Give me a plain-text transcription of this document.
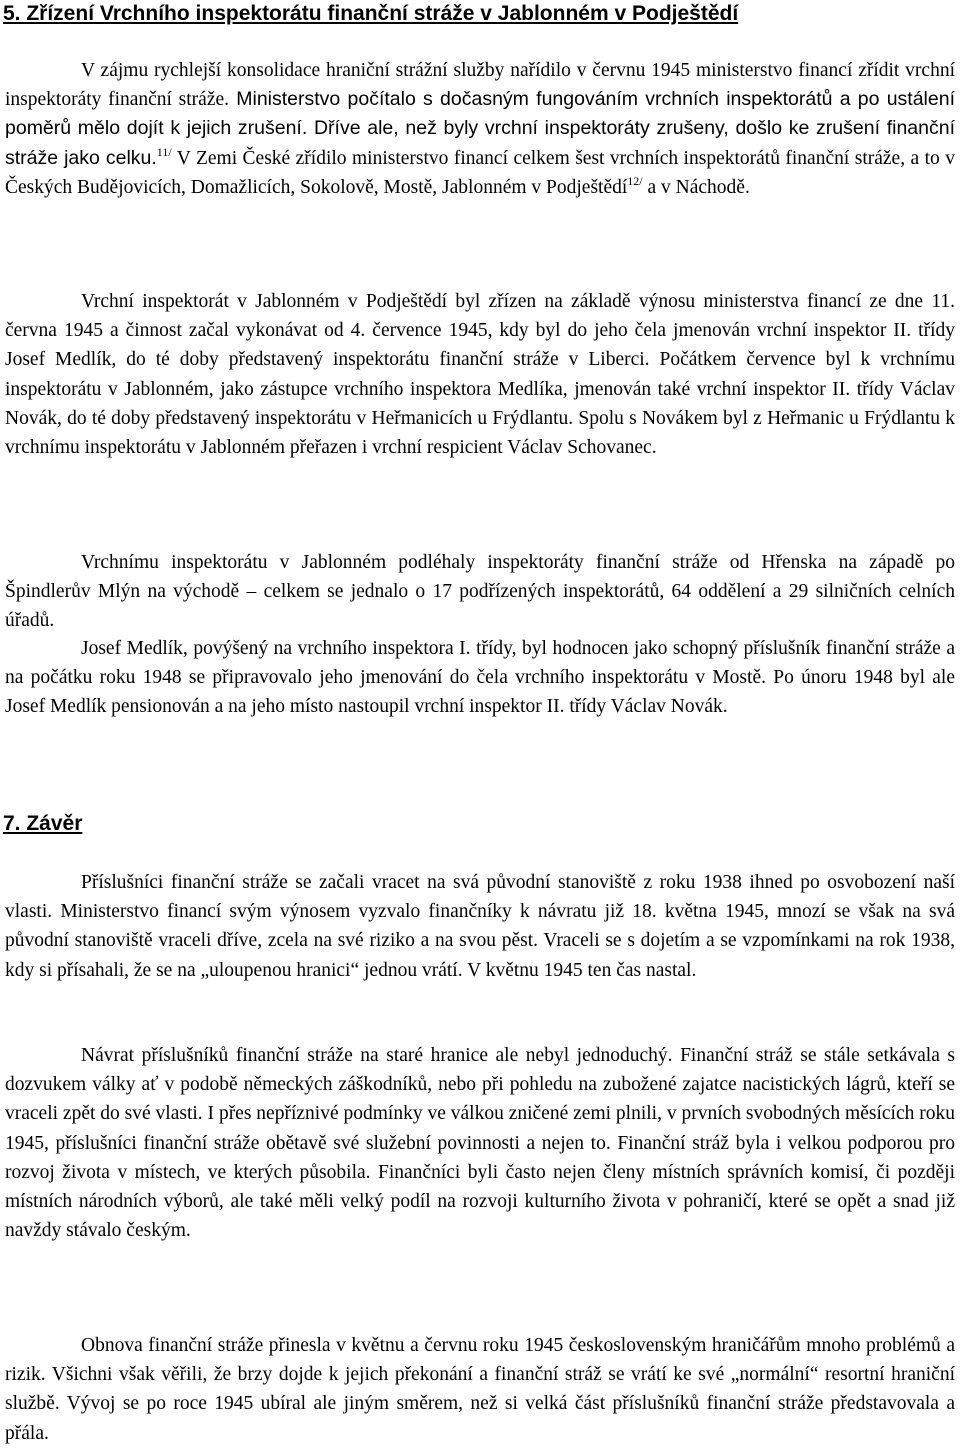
5. Zřízení Vrchního inspektorátu finanční stráže v Jablonném v Podještědí

V zájmu rychlejší konsolidace hraniční strážní služby nařídilo v červnu 1945 ministerstvo financí zřídit vrchní inspektoráty finanční stráže. Ministerstvo počítalo s dočasným fungováním vrchních inspektorátů a po ustálení poměrů mělo dojít k jejich zrušení. Dříve ale, než byly vrchní inspektoráty zrušeny, došlo ke zrušení finanční stráže jako celku.$^{11/}$ V Zemi České zřídilo ministerstvo financí celkem šest vrchních inspektorátů finanční stráže, a to v Českých Budějovicích, Domažlicích, Sokolově, Mostě, Jablonném v Podještědí$^{12/}$ a v Náchodě.

Vrchní inspektorát v Jablonném v Podještědí byl zřízen na základě výnosu ministerstva financí ze dne 11. června 1945 a činnost začal vykonávat od 4. července 1945, kdy byl do jeho čela jmenován vrchní inspektor II. třídy Josef Medlík, do té doby představený inspektorátu finanční stráže v Liberci. Počátkem července byl k vrchnímu inspektorátu v Jablonném, jako zástupce vrchního inspektora Medlíka, jmenován také vrchní inspektor II. třídy Václav Novák, do té doby představený inspektorátu v Heřmanicích u Frýdlantu. Spolu s Novákem byl z Heřmanic u Frýdlantu k vrchnímu inspektorátu v Jablonném přeřazen i vrchní respicient Václav Schovanec.

Vrchnímu inspektorátu v Jablonném podléhaly inspektoráty finanční stráže od Hřenska na západě po Špindlerův Mlýn na východě – celkem se jednalo o 17 podřízených inspektorátů, 64 oddělení a 29 silničních celních úřadů.

Josef Medlík, povýšený na vrchního inspektora I. třídy, byl hodnocen jako schopný příslušník finanční stráže a na počátku roku 1948 se připravovalo jeho jmenování do čela vrchního inspektorátu v Mostě. Po únoru 1948 byl ale Josef Medlík pensionován a na jeho místo nastoupil vrchní inspektor II. třídy Václav Novák.

7. Závěr

Příslušníci finanční stráže se začali vracet na svá původní stanoviště z roku 1938 ihned po osvobození naší vlasti. Ministerstvo financí svým výnosem vyzvalo finančníky k návratu již 18. května 1945, mnozí se však na svá původní stanoviště vraceli dříve, zcela na své riziko a na svou pěst. Vraceli se s dojetím a se vzpomínkami na rok 1938, kdy si přísahali, že se na „uloupenou hranici“ jednou vrátí. V květnu 1945 ten čas nastal.

Návrat příslušníků finanční stráže na staré hranice ale nebyl jednoduchý. Finanční stráž se stále setkávala s dozvukem války ať v podobě německých záškodníků, nebo při pohledu na zubožené zajatce nacistických lágrů, kteří se vraceli zpět do své vlasti. I přes nepříznivé podmínky ve válkou zničené zemi plnili, v prvních svobodných měsících roku 1945, příslušníci finanční stráže obětavě své služební povinnosti a nejen to. Finanční stráž byla i velkou podporou pro rozvoj života v místech, ve kterých působila. Finančníci byli často nejen členy místních správních komisí, či později místních národních výborů, ale také měli velký podíl na rozvoji kulturního života v pohraničí, které se opět a snad již navždy stávalo českým.

Obnova finanční stráže přinesla v květnu a červnu roku 1945 československým hraničářům mnoho problémů a rizik. Všichni však věřili, že brzy dojde k jejich překonání a finanční stráž se vrátí ke své „normální“ resortní hraniční službě. Vývoj se po roce 1945 ubíral ale jiným směrem, než si velká část příslušníků finanční stráže představovala a přála.
